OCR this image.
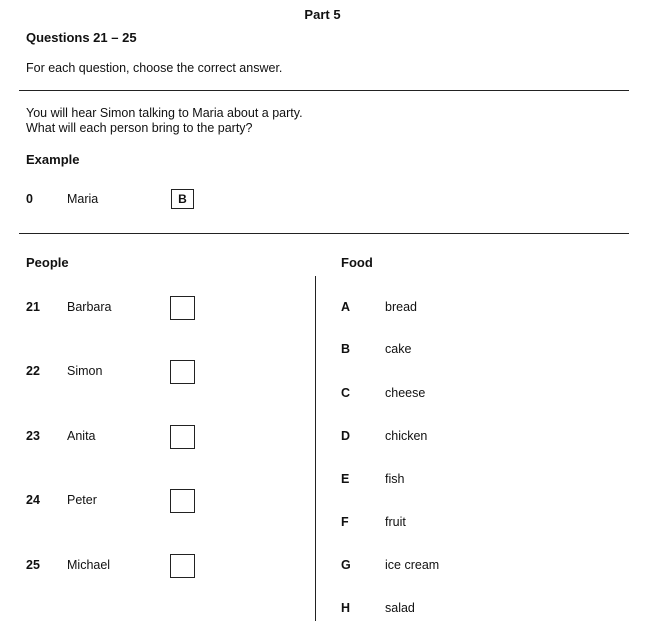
Part 5
Questions 21 – 25
For each question, choose the correct answer.
You will hear Simon talking to Maria about a party.
What will each person bring to the party?
Example
0	Maria	B
People	Food
21 Barbara
22 Simon
23 Anita
24 Peter
25 Michael
A	bread
B	cake
C	cheese
D	chicken
E	fish
F	fruit
G	ice cream
H	salad
